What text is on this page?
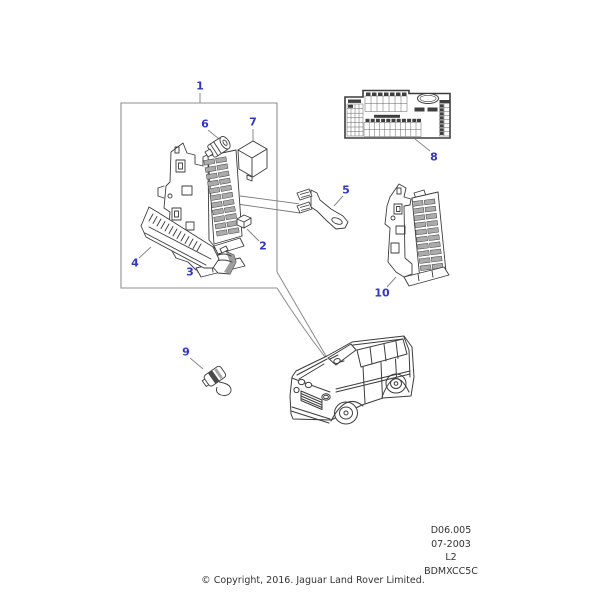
1
2
3
4
5
6	7
8
9
10
D06.005
07-2003
L2
BDMXCC5C
© Copyright, 2016. Jaguar Land Rover Limited.
